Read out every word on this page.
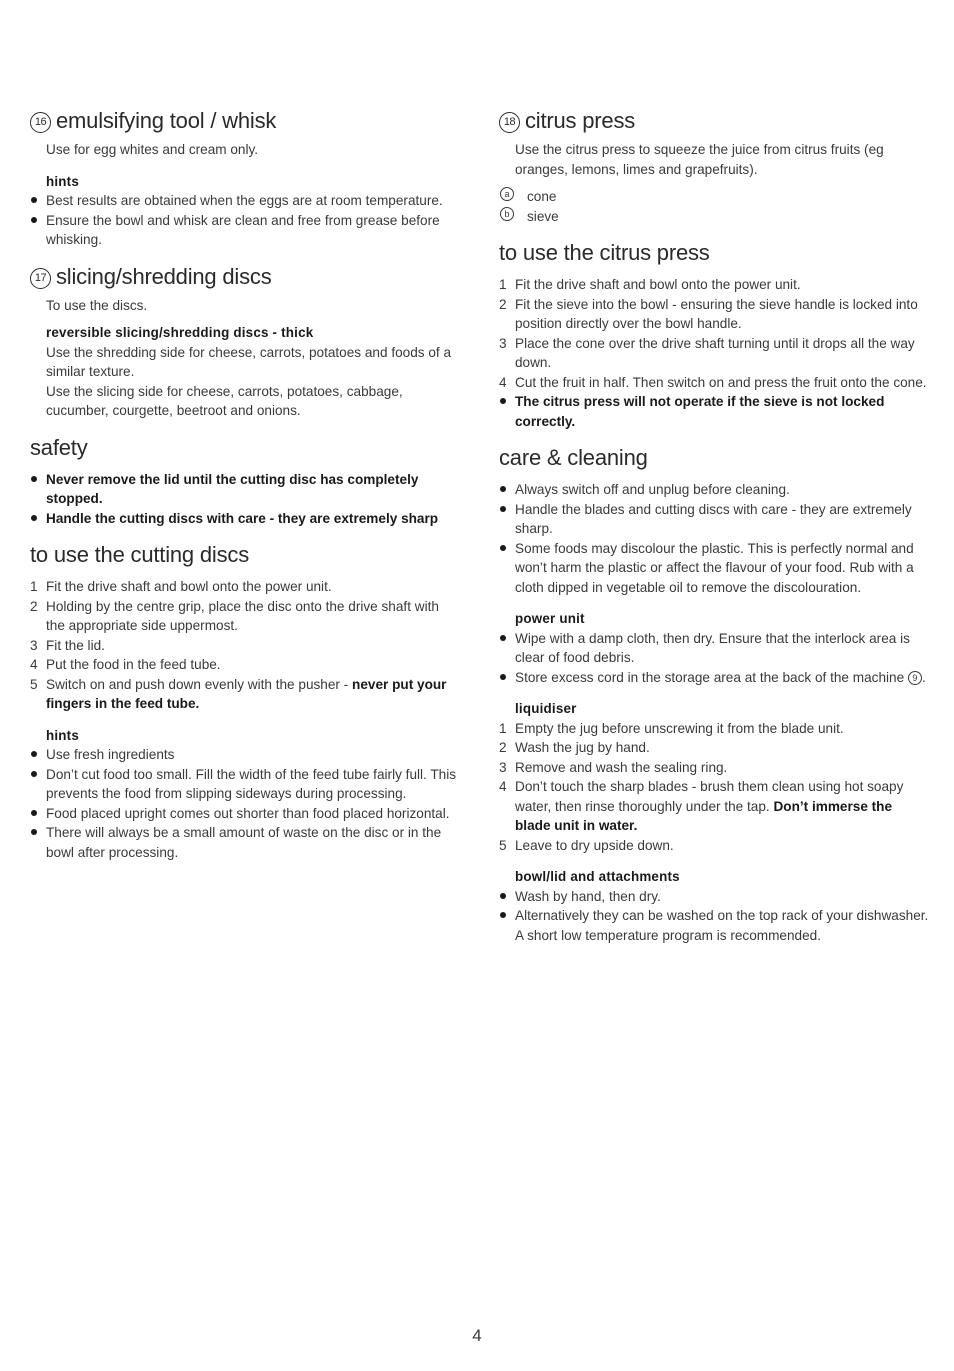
16 emulsifying tool / whisk

Use for egg whites and cream only.

hints

Best results are obtained when the eggs are at room temperature.
Ensure the bowl and whisk are clean and free from grease before whisking.
17 slicing/shredding discs

To use the discs.

reversible slicing/shredding discs - thick

Use the shredding side for cheese, carrots, potatoes and foods of a similar texture.

Use the slicing side for cheese, carrots, potatoes, cabbage, cucumber, courgette, beetroot and onions.

safety
Never remove the lid until the cutting disc has completely stopped.
Handle the cutting discs with care - they are extremely sharp
to use the cutting discs
1 Fit the drive shaft and bowl onto the power unit.
2 Holding by the centre grip, place the disc onto the drive shaft with the appropriate side uppermost.
3 Fit the lid.
4 Put the food in the feed tube.
5 Switch on and push down evenly with the pusher - never put your fingers in the feed tube.

hints

Use fresh ingredients
Don’t cut food too small. Fill the width of the feed tube fairly full. This prevents the food from slipping sideways during processing.
Food placed upright comes out shorter than food placed horizontal.
There will always be a small amount of waste on the disc or in the bowl after processing.
18 citrus press

Use the citrus press to squeeze the juice from citrus fruits (eg oranges, lemons, limes and grapefruits).

a	cone
b	sieve
to use the citrus press
1 Fit the drive shaft and bowl onto the power unit.
2 Fit the sieve into the bowl - ensuring the sieve handle is locked into position directly over the bowl handle.
3 Place the cone over the drive shaft turning until it drops all the way down.
4 Cut the fruit in half. Then switch on and press the fruit onto the cone.
The citrus press will not operate if the sieve is not locked correctly.
care & cleaning
Always switch off and unplug before cleaning.
Handle the blades and cutting discs with care - they are extremely sharp.
Some foods may discolour the plastic. This is perfectly normal and won’t harm the plastic or affect the flavour of your food. Rub with a cloth dipped in vegetable oil to remove the discolouration.

power unit

Wipe with a damp cloth, then dry. Ensure that the interlock area is clear of food debris.
Store excess cord in the storage area at the back of the machine 9 .

liquidiser

1 Empty the jug before unscrewing it from the blade unit.
2 Wash the jug by hand.
3 Remove and wash the sealing ring.
4 Don’t touch the sharp blades - brush them clean using hot soapy water, then rinse thoroughly under the tap. Don’t immerse the blade unit in water.
5 Leave to dry upside down.

bowl/lid and attachments

Wash by hand, then dry.
Alternatively they can be washed on the top rack of your dishwasher. A short low temperature program is recommended.
4
